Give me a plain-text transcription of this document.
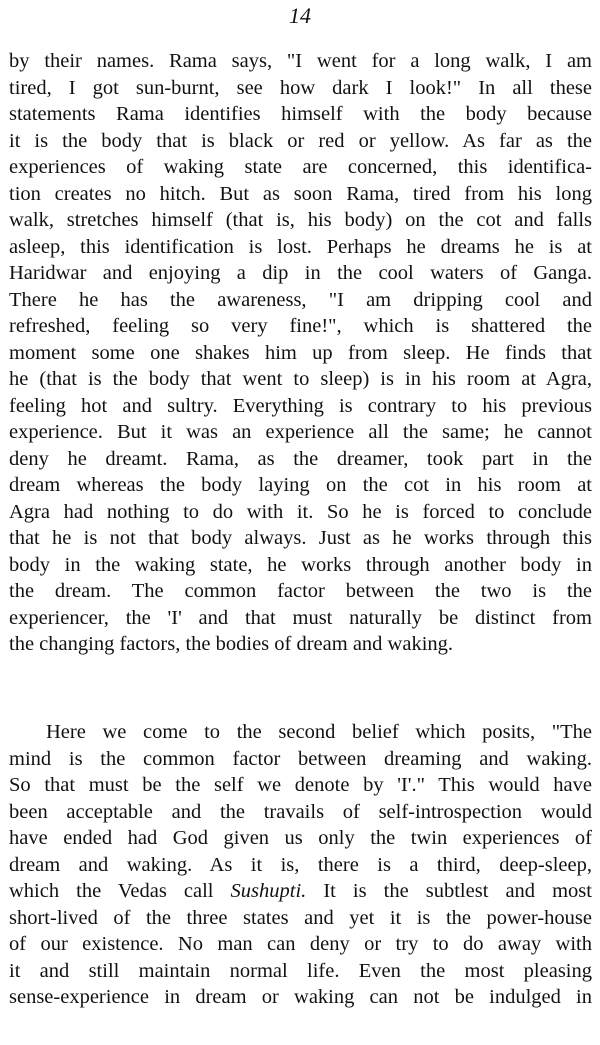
14
by their names. Rama says, "I went for a long walk, I am
tired, I got sun-burnt, see how dark I look!" In all these
statements Rama identifies himself with the body because
it is the body that is black or red or yellow. As far as the
experiences of waking state are concerned, this identifica-
tion creates no hitch. But as soon Rama, tired from his long
walk, stretches himself (that is, his body) on the cot and falls
asleep, this identification is lost. Perhaps he dreams he is at
Haridwar and enjoying a dip in the cool waters of Ganga.
There he has the awareness, "I am dripping cool and
refreshed, feeling so very fine!", which is shattered the
moment some one shakes him up from sleep. He finds that
he (that is the body that went to sleep) is in his room at Agra,
feeling hot and sultry. Everything is contrary to his previous
experience. But it was an experience all the same; he cannot
deny he dreamt. Rama, as the dreamer, took part in the
dream whereas the body laying on the cot in his room at
Agra had nothing to do with it. So he is forced to conclude
that he is not that body always. Just as he works through this
body in the waking state, he works through another body in
the dream. The common factor between the two is the
experiencer, the 'I' and that must naturally be distinct from
the changing factors, the bodies of dream and waking.
Here we come to the second belief which posits, "The
mind is the common factor between dreaming and waking.
So that must be the self we denote by 'I'." This would have
been acceptable and the travails of self-introspection would
have ended had God given us only the twin experiences of
dream and waking. As it is, there is a third, deep-sleep,
which the Vedas call Sushupti. It is the subtlest and most
short-lived of the three states and yet it is the power-house
of our existence. No man can deny or try to do away with
it and still maintain normal life. Even the most pleasing
sense-experience in dream or waking can not be indulged in
